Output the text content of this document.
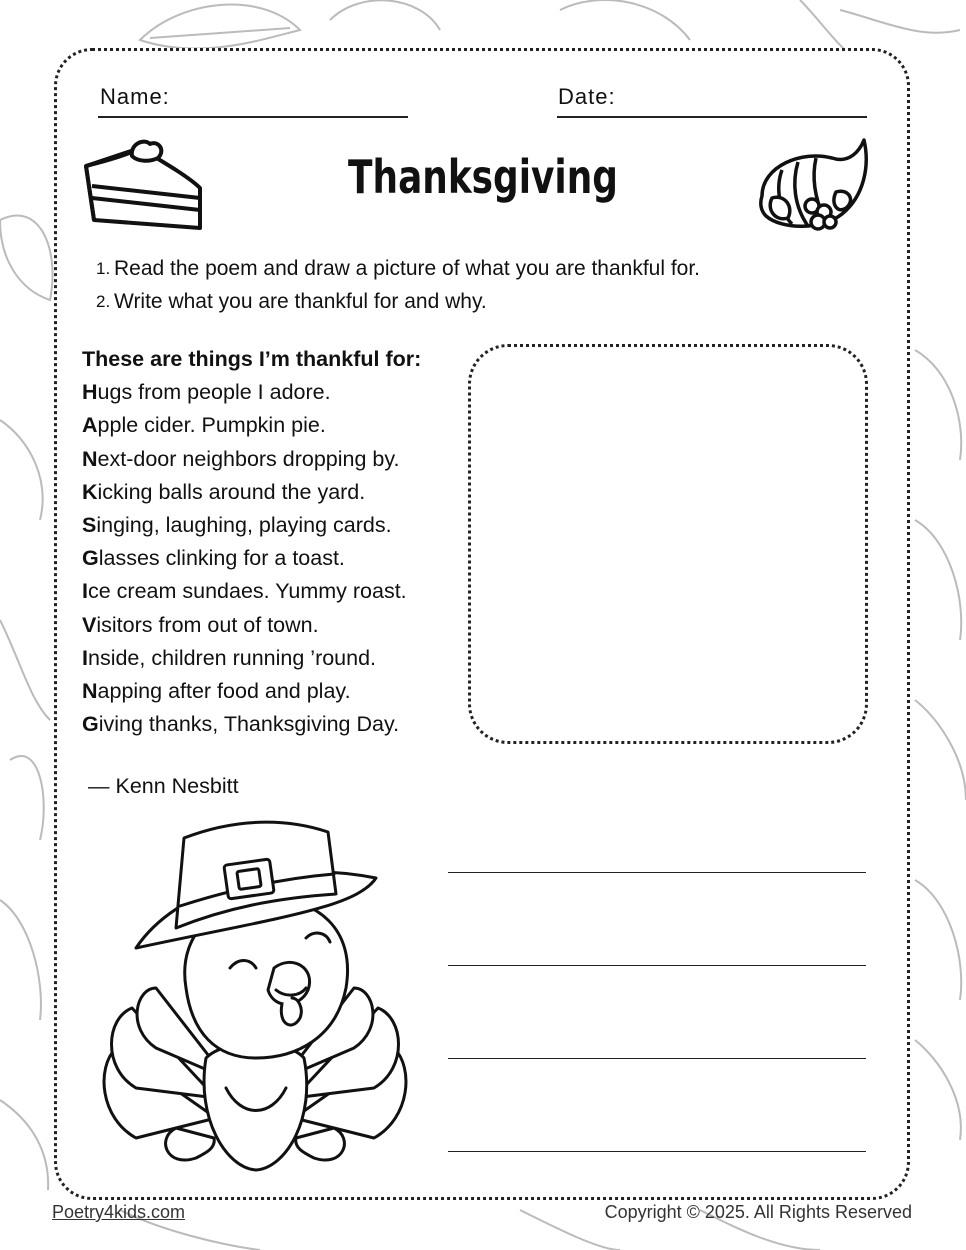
Name:	Date:
Thanksgiving
1. Read the poem and draw a picture of what you are thankful for.
2. Write what you are thankful for and why.
These are things I’m thankful for:
Hugs from people I adore.
Apple cider. Pumpkin pie.
Next-door neighbors dropping by.
Kicking balls around the yard.
Singing, laughing, playing cards.
Glasses clinking for a toast.
Ice cream sundaes. Yummy roast.
Visitors from out of town.
Inside, children running ’round.
Napping after food and play.
Giving thanks, Thanksgiving Day.
— Kenn Nesbitt
Poetry4kids.com	Copyright © 2025. All Rights Reserved
